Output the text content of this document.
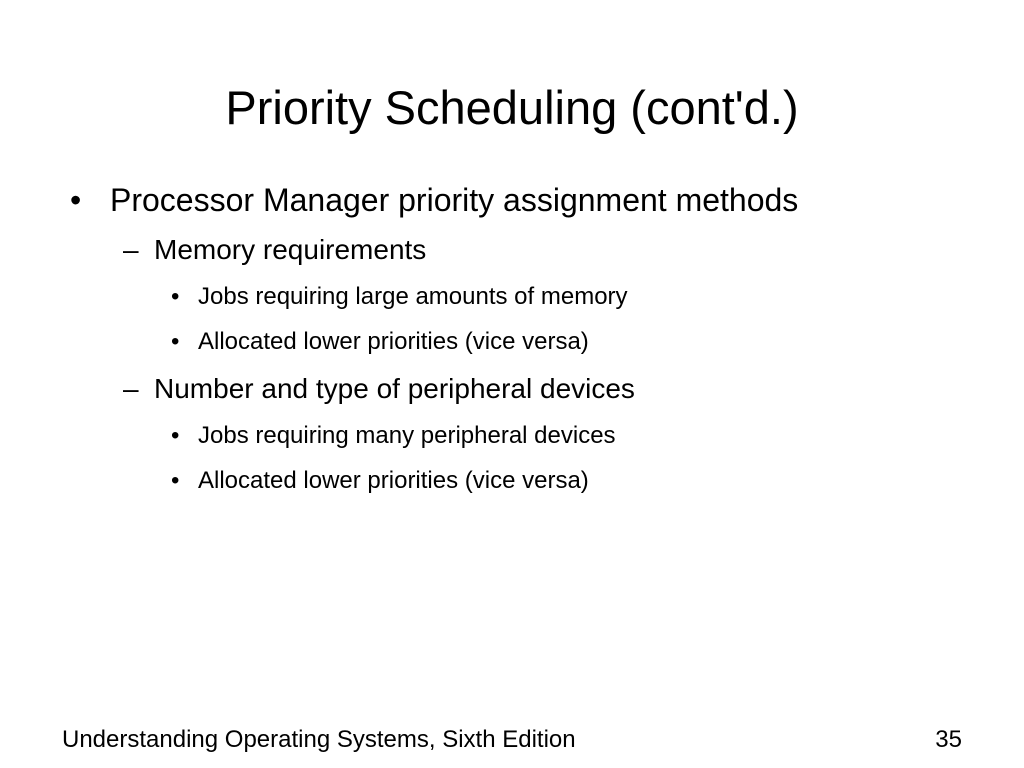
Priority Scheduling (cont'd.)
• Processor Manager priority assignment methods
– Memory requirements
• Jobs requiring large amounts of memory
• Allocated lower priorities (vice versa)
– Number and type of peripheral devices
• Jobs requiring many peripheral devices
• Allocated lower priorities (vice versa)
Understanding Operating Systems, Sixth Edition	35
